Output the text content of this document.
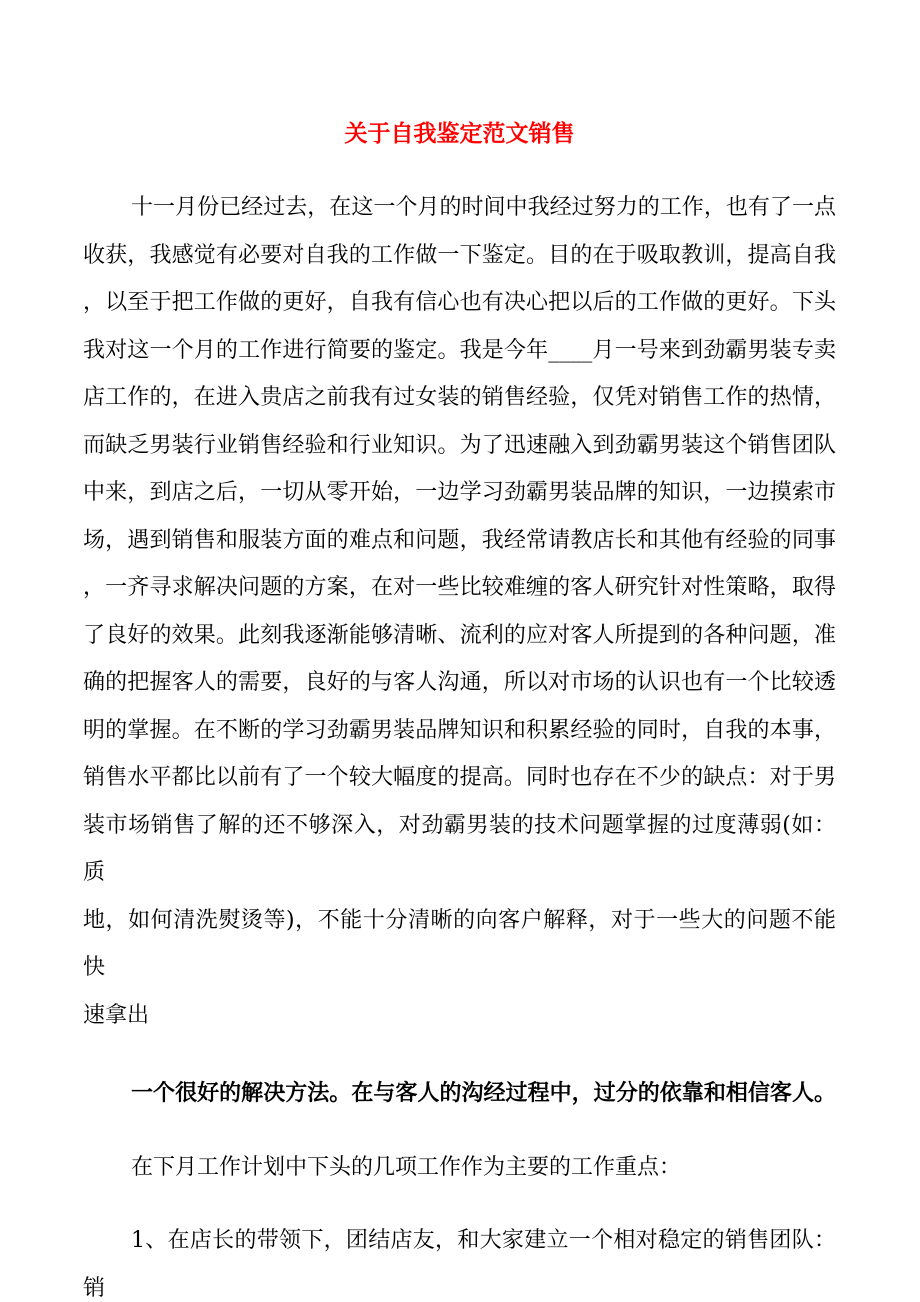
关于自我鉴定范文销售
十一月份已经过去，在这一个月的时间中我经过努力的工作，也有了一点
收获，我感觉有必要对自我的工作做一下鉴定。目的在于吸取教训，提高自我
，以至于把工作做的更好，自我有信心也有决心把以后的工作做的更好。下头
我对这一个月的工作进行简要的鉴定。我是今年____月一号来到劲霸男装专卖
店工作的，在进入贵店之前我有过女装的销售经验，仅凭对销售工作的热情，
而缺乏男装行业销售经验和行业知识。为了迅速融入到劲霸男装这个销售团队
中来，到店之后，一切从零开始，一边学习劲霸男装品牌的知识，一边摸索市
场，遇到销售和服装方面的难点和问题，我经常请教店长和其他有经验的同事
，一齐寻求解决问题的方案，在对一些比较难缠的客人研究针对性策略，取得
了良好的效果。此刻我逐渐能够清晰、流利的应对客人所提到的各种问题，准
确的把握客人的需要，良好的与客人沟通，所以对市场的认识也有一个比较透
明的掌握。在不断的学习劲霸男装品牌知识和积累经验的同时，自我的本事，
销售水平都比以前有了一个较大幅度的提高。同时也存在不少的缺点：对于男
装市场销售了解的还不够深入，对劲霸男装的技术问题掌握的过度薄弱(如：质
地，如何清洗熨烫等)，不能十分清晰的向客户解释，对于一些大的问题不能快
速拿出
一个很好的解决方法。在与客人的沟经过程中，过分的依靠和相信客人。
在下月工作计划中下头的几项工作作为主要的工作重点：
1、在店长的带领下，团结店友，和大家建立一个相对稳定的销售团队：销
